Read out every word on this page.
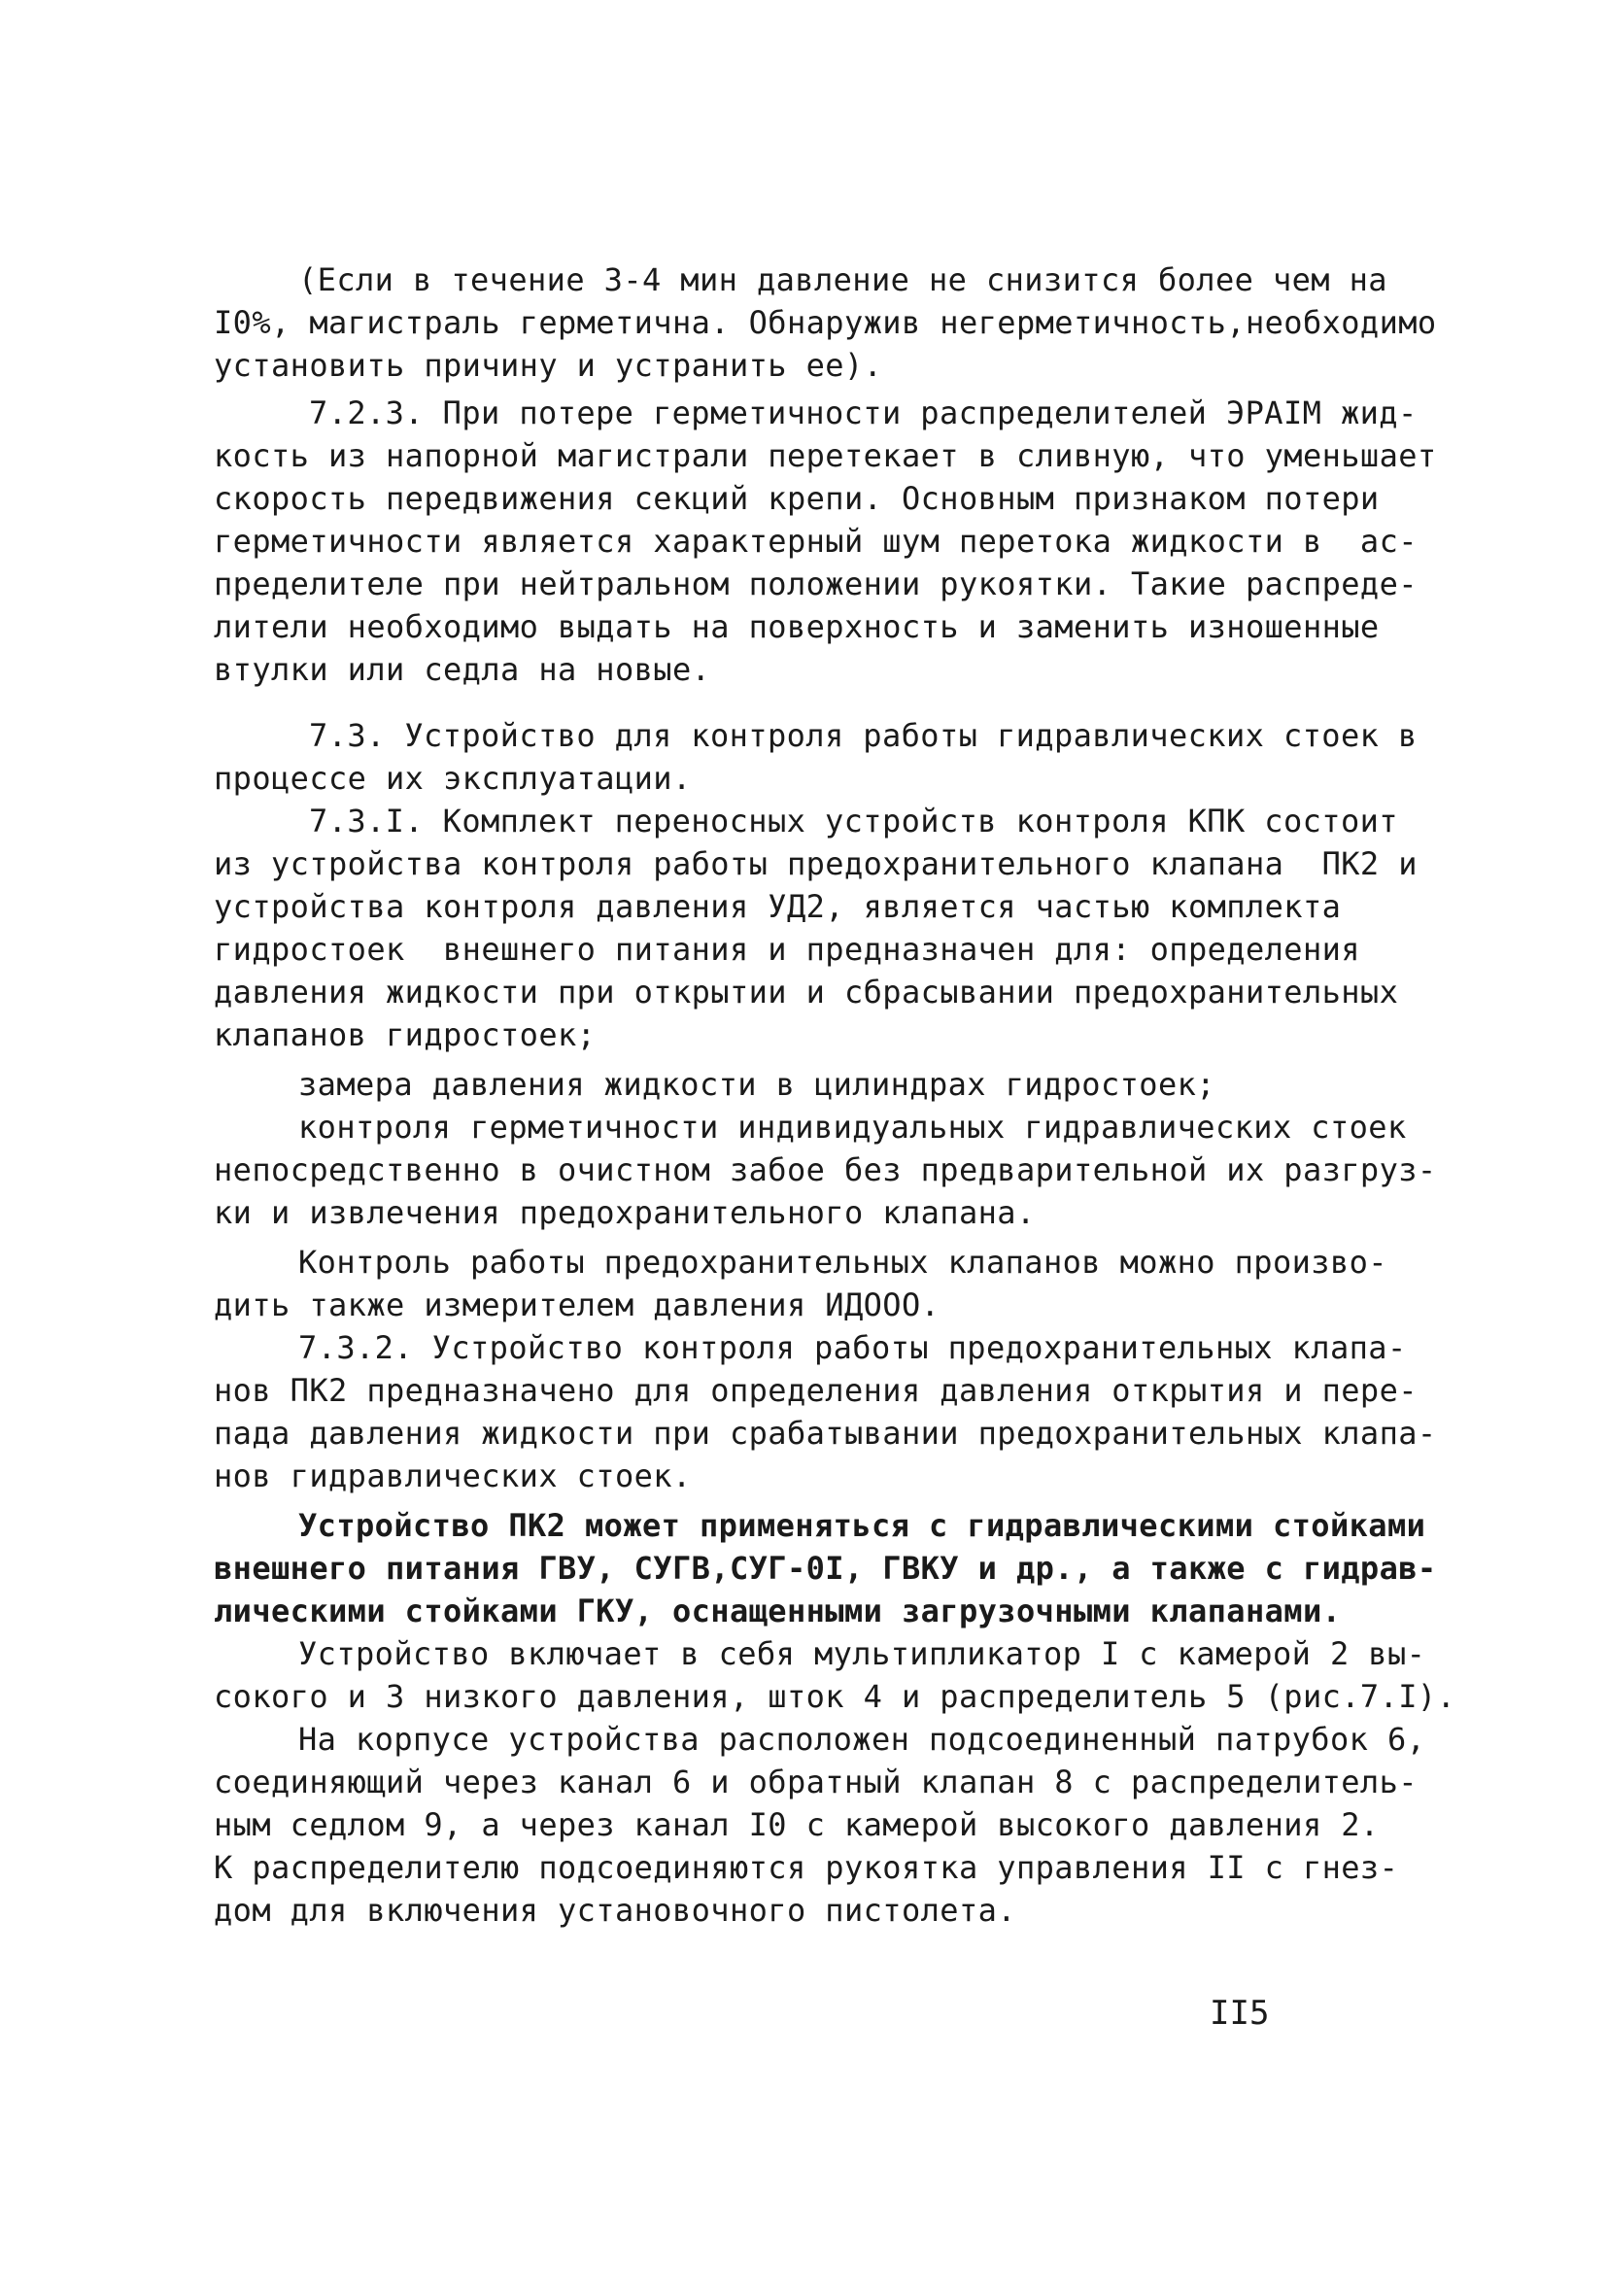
(Если в течение 3-4 мин давление не снизится более чем на
I0%, магистраль герметична. Обнаружив негерметичность,необходимо
установить причину и устранить ее).
7.2.3. При потере герметичности распределителей ЭРАІМ жид-
кость из напорной магистрали перетекает в сливную, что уменьшает
скорость передвижения секций крепи. Основным признаком потери
герметичности является характерный шум перетока жидкости в  ас-
пределителе при нейтральном положении рукоятки. Такие распреде-
лители необходимо выдать на поверхность и заменить изношенные
втулки или седла на новые.
7.3. Устройство для контроля работы гидравлических стоек в
процессе их эксплуатации.
7.3.I. Комплект переносных устройств контроля КПК состоит
из устройства контроля работы предохранительного клапана  ПК2 и
устройства контроля давления УД2, является частью комплекта
гидростоек  внешнего питания и предназначен для: определения
давления жидкости при открытии и сбрасывании предохранительных
клапанов гидростоек;
замера давления жидкости в цилиндрах гидростоек;
контроля герметичности индивидуальных гидравлических стоек
непосредственно в очистном забое без предварительной их разгруз-
ки и извлечения предохранительного клапана.
Контроль работы предохранительных клапанов можно произво-
дить также измерителем давления ИДООО.
7.3.2. Устройство контроля работы предохранительных клапа-
нов ПК2 предназначено для определения давления открытия и пере-
пада давления жидкости при срабатывании предохранительных клапа-
нов гидравлических стоек.
Устройство ПК2 может применяться с гидравлическими стойками
внешнего питания ГВУ, СУГВ,СУГ-0I, ГВКУ и др., а также с гидрав-
лическими стойками ГКУ, оснащенными загрузочными клапанами.
Устройство включает в себя мультипликатор I с камерой 2 вы-
сокого и 3 низкого давления, шток 4 и распределитель 5 (рис.7.I).
На корпусе устройства расположен подсоединенный патрубок 6,
соединяющий через канал 6 и обратный клапан 8 с распределитель-
ным седлом 9, а через канал I0 с камерой высокого давления 2.
К распределителю подсоединяются рукоятка управления II с гнез-
дом для включения установочного пистолета.
II5
